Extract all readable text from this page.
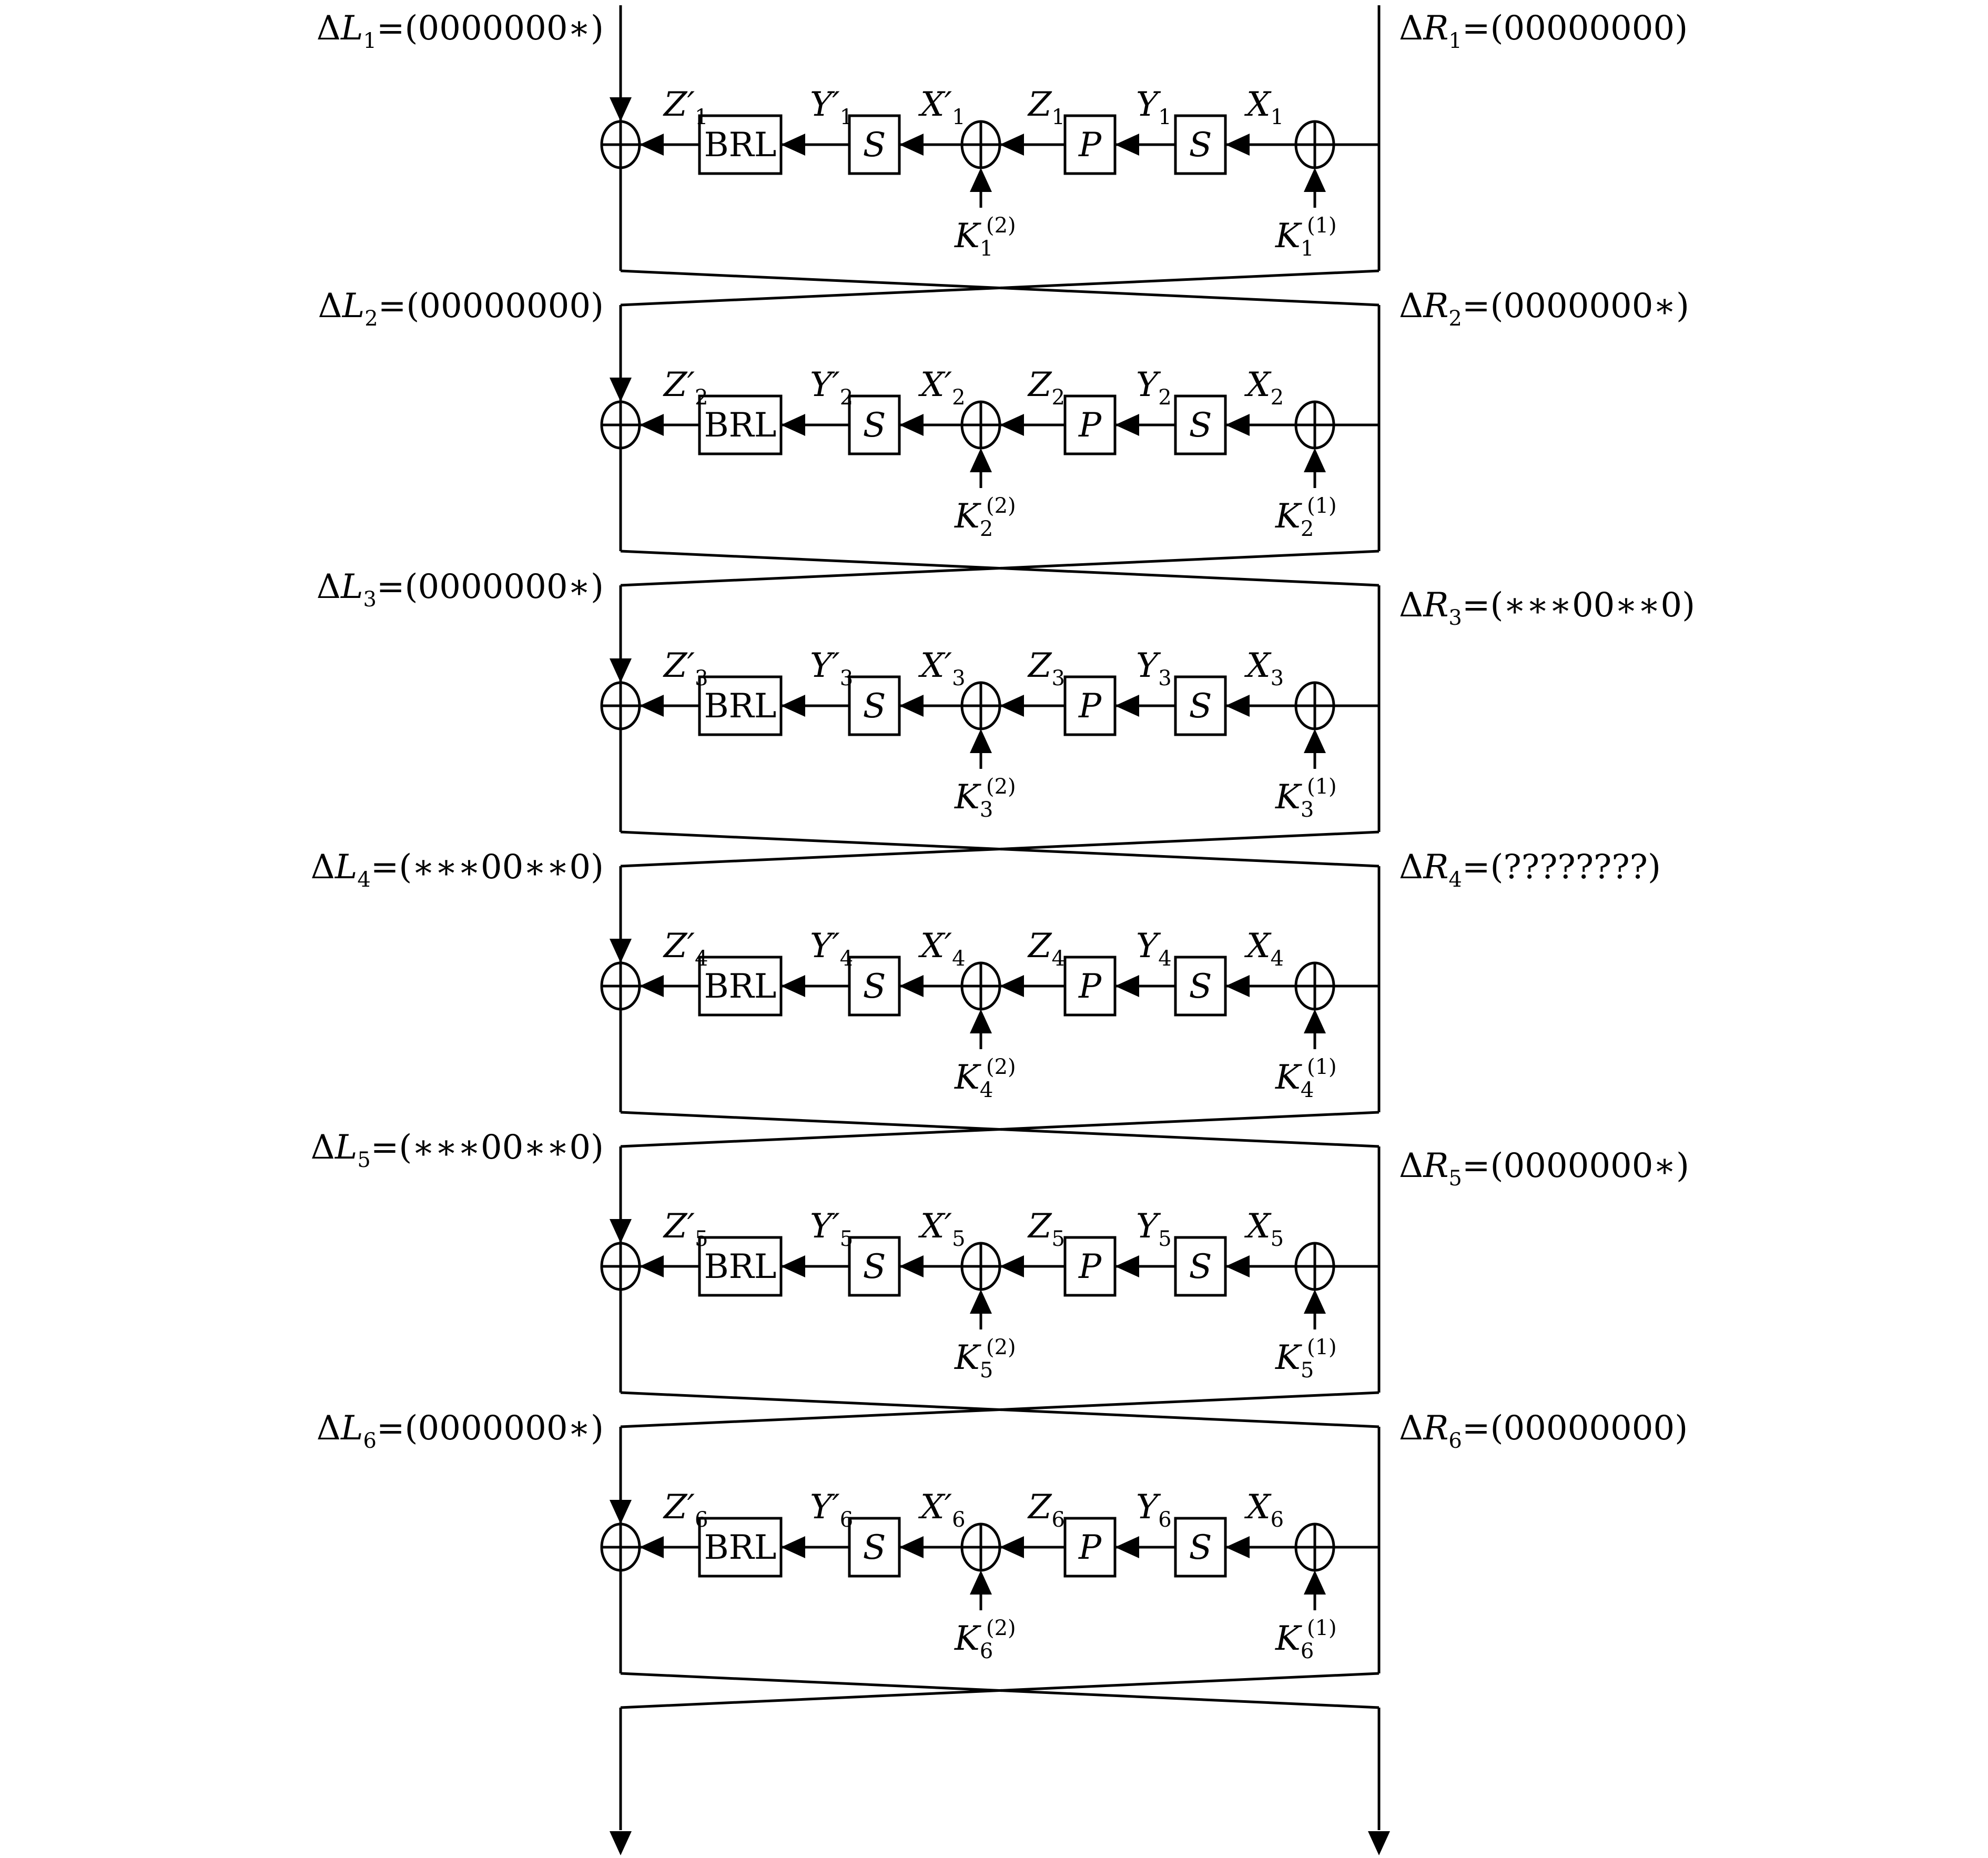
$\Delta L_1=(0000000∗)$	$\Delta R_1=(00000000)$
BRL	S	P	S
$K_1$
(2)	$K_1$
(1)
$Z'_1$	$Y'_1$ $X'_1$ $Z_1$ $Y_1$ $X_1$
$\Delta L_2=(00000000)$	$\Delta R_2=(0000000∗)$
BRL	S	P	S
$K_2$
(2)	$K_2$
(1)
$Z'_2$	$Y'_2$ $X'_2$ $Z_2$ $Y_2$ $X_2$
$\Delta L_3=(0000000∗)$	$\Delta R_3=(∗∗∗00∗∗0)$
BRL	S	P	S
$K_3$
(2)	$K_3$
(1)
$Z'_3$	$Y'_3$ $X'_3$ $Z_3$ $Y_3$ $X_3$
$\Delta L_4=(∗∗∗00∗∗0)$	$\Delta R_4=(????????)$
BRL	S	P	S
$K_4$
(2)	$K_4$
(1)
$Z'_4$	$Y'_4$ $X'_4$ $Z_4$ $Y_4$ $X_4$
$\Delta L_5=(∗∗∗00∗∗0)$	$\Delta R_5=(0000000∗)$
BRL	S	P	S
$K_5$
(2)	$K_5$
(1)
$Z'_5$	$Y'_5$ $X'_5$ $Z_5$ $Y_5$ $X_5$
$\Delta L_6=(0000000∗)$	$\Delta R_6=(00000000)$
BRL	S	P	S
$K_6$
(2)	$K_6$
(1)
$Z'_6$	$Y'_6$ $X'_6$ $Z_6$ $Y_6$ $X_6$
